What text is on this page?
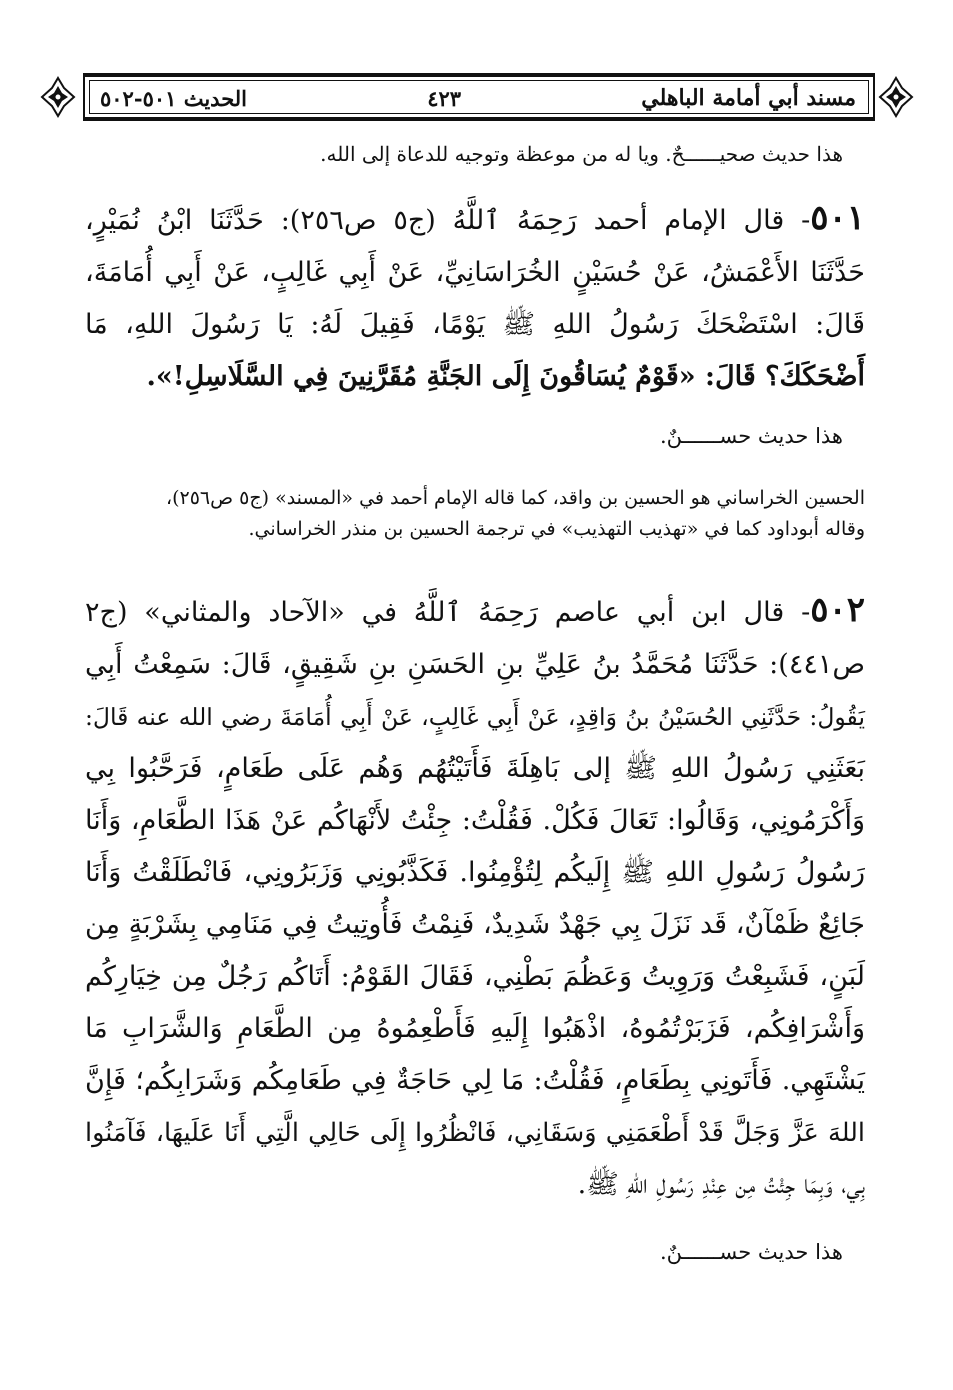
الحديث ٥٠١-٥٠٢	٤٢٣	مسند أبي أمامة الباهلي
هذا حديث صحيــــــحٌ. ويا له من موعظة وتوجيه للدعاة إلى الله.
٥٠١- قال الإمام أحمد رَحِمَهُ ٱللَّهُ (ج٥ ص٢٥٦): حَدَّثَنَا ابْنُ نُمَيْرٍ،
حَدَّثَنَا الأَعْمَشُ، عَنْ حُسَيْنٍ الخُرَاسَانِيِّ، عَنْ أَبِي غَالِبٍ، عَنْ أَبِي أُمَامَةَ،
قَالَ: اسْتَضْحَكَ رَسُولُ اللهِ ﷺ يَوْمًا، فَقِيلَ لَهُ: يَا رَسُولَ اللهِ، مَا
أَضْحَكَكَ؟ قَالَ: «قَوْمٌ يُسَاقُونَ إِلَى الجَنَّةِ مُقَرَّنِينَ فِي السَّلَاسِلِ!».
هذا حديث حســــــنٌ.
الحسين الخراساني هو الحسين بن واقد، كما قاله الإمام أحمد في «المسند» (ج٥ ص٢٥٦)،
وقاله أبوداود كما في «تهذيب التهذيب» في ترجمة الحسين بن منذر الخراساني.
٥٠٢- قال ابن أبي عاصم رَحِمَهُ ٱللَّهُ في «الآحاد والمثاني» (ج٢
ص٤٤١): حَدَّثَنَا مُحَمَّدُ بنُ عَلِيِّ بنِ الحَسَنِ بنِ شَقِيقٍ، قَالَ: سَمِعْتُ أَبِي
يَقُولُ: حَدَّثَنِي الحُسَيْنُ بنُ وَاقِدٍ، عَنْ أَبِي غَالِبٍ، عَنْ أَبِي أُمَامَةَ رضي الله عنه قَالَ:
بَعَثَنِي رَسُولُ اللهِ ﷺ إلى بَاهِلَةَ فَأَتَيْتُهُم وَهُم عَلَى طَعَامٍ، فَرَحَّبُوا بِي
وَأَكْرَمُونِي، وَقَالُوا: تَعَالَ فَكُلْ. فَقُلْتُ: جِئْتُ لأَنْهَاكُم عَنْ هَذَا الطَّعَامِ، وَأَنَا
رَسُولُ رَسُولِ اللهِ ﷺ إِلَيكُم لِتُؤْمِنُوا. فَكَذَّبُونِي وَزَبَرُونِي، فَانْطَلَقْتُ وَأَنَا
جَائِعٌ ظَمْآنٌ، قَد نَزَلَ بِي جَهْدٌ شَدِيدٌ، فَنِمْتُ فَأُوتِيتُ فِي مَنَامِي بِشَرْبَةٍ مِن
لَبَنٍ، فَشَبِعْتُ وَرَوِيتُ وَعَظُمَ بَطْنِي، فَقَالَ القَوْمُ: أَتَاكُم رَجُلٌ مِن خِيَارِكُم
وَأَشْرَافِكُم، فَزَبَرْتُمُوهُ، اذْهَبُوا إِلَيهِ فَأَطْعِمُوهُ مِن الطَّعَامِ وَالشَّرَابِ مَا
يَشْتَهِي. فَأَتَونِي بِطَعَامٍ، فَقُلْتُ: مَا لِي حَاجَةٌ فِي طَعَامِكُم وَشَرَابِكُم؛ فَإِنَّ
اللهَ عَزَّ وَجَلَّ قَدْ أَطْعَمَنِي وَسَقَانِي، فَانْظُرُوا إِلَى حَالِي الَّتِي أَنَا عَلَيهَا، فَآمَنُوا
بِي، وَبِمَا جِئْتُ مِن عِنْدِ رَسُولِ اللهِ ﷺ.
هذا حديث حســــــنٌ.
